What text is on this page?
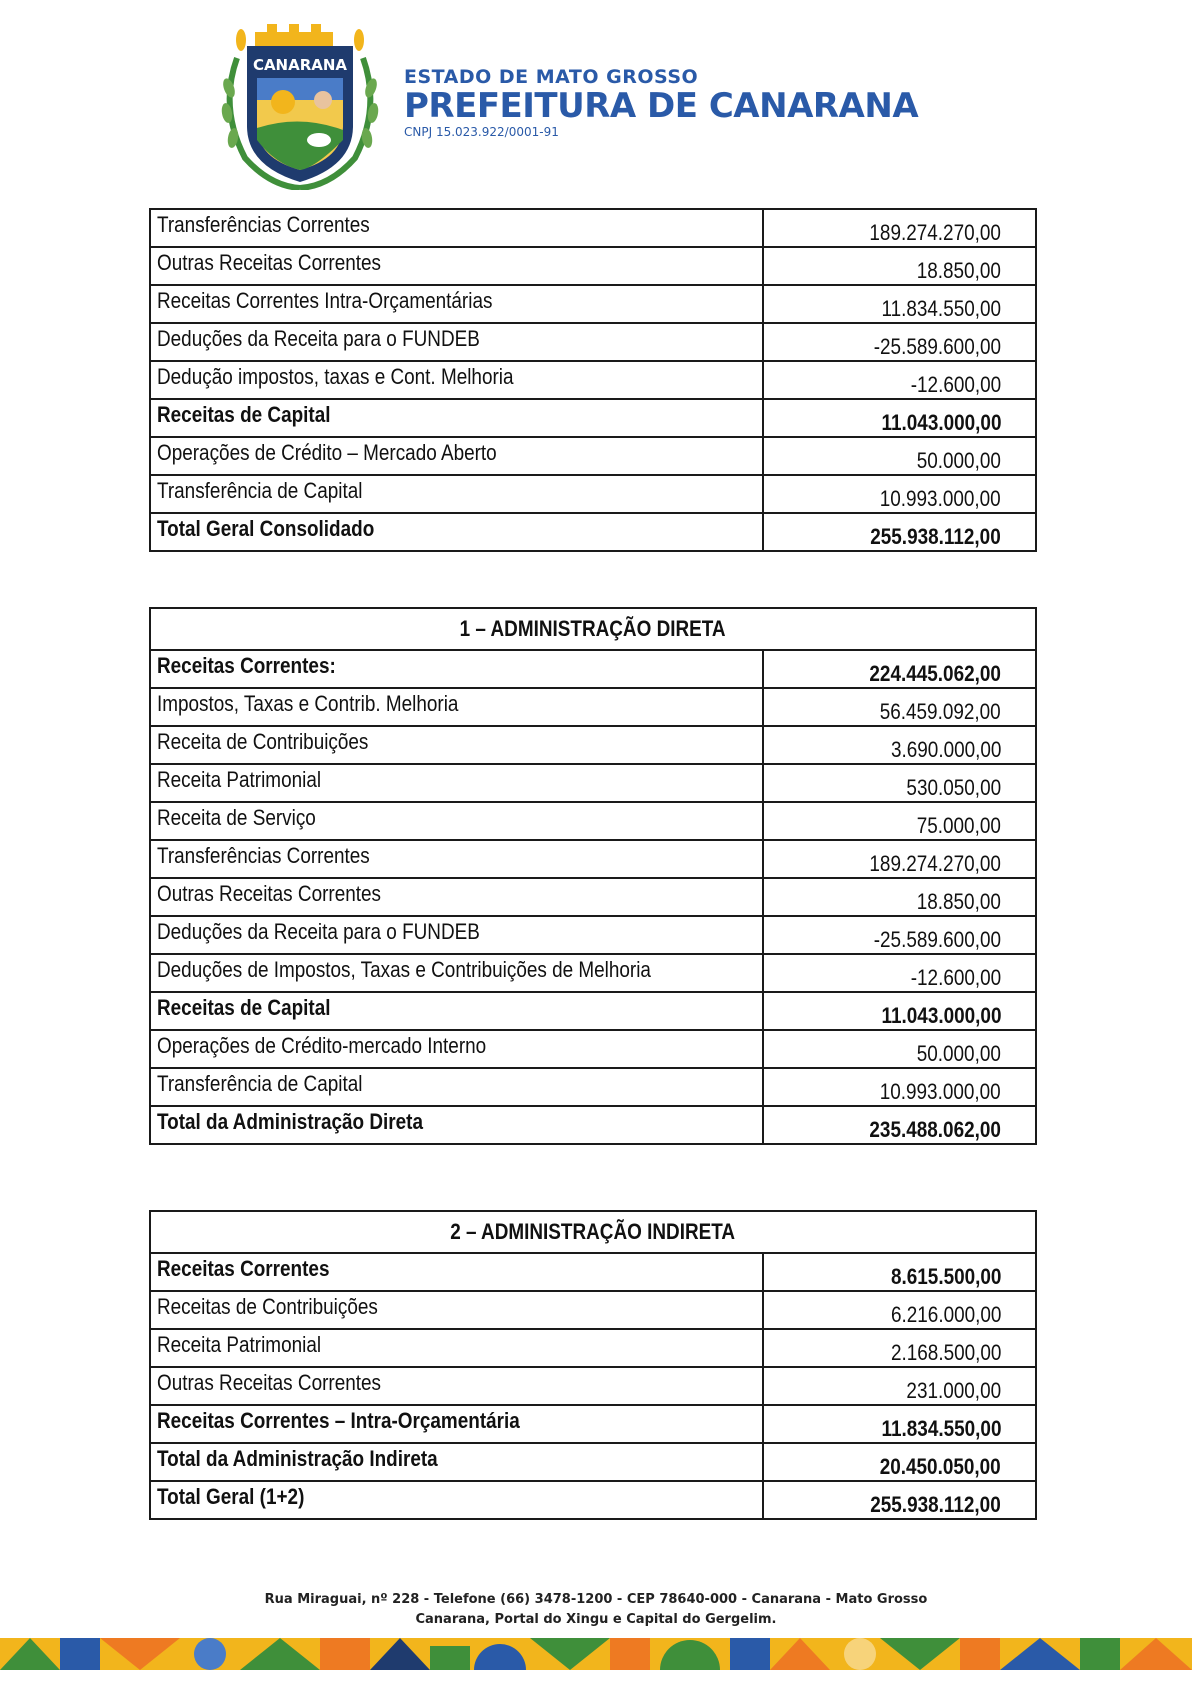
CANARANA
ESTADO DE MATO GROSSO
PREFEITURA DE CANARANA
CNPJ 15.023.922/0001-91
Transferências Correntes	189.274.270,00
Outras Receitas Correntes	18.850,00
Receitas Correntes Intra-Orçamentárias	11.834.550,00
Deduções da Receita para o FUNDEB	-25.589.600,00
Dedução impostos, taxas e Cont. Melhoria	-12.600,00
Receitas de Capital	11.043.000,00
Operações de Crédito – Mercado Aberto	50.000,00
Transferência de Capital	10.993.000,00
Total Geral Consolidado	255.938.112,00
1 – ADMINISTRAÇÃO DIRETA	
Receitas Correntes:	224.445.062,00
Impostos, Taxas e Contrib. Melhoria	56.459.092,00
Receita de Contribuições	3.690.000,00
Receita Patrimonial	530.050,00
Receita de Serviço	75.000,00
Transferências Correntes	189.274.270,00
Outras Receitas Correntes	18.850,00
Deduções da Receita para o FUNDEB	-25.589.600,00
Deduções de Impostos, Taxas e Contribuições de Melhoria	-12.600,00
Receitas de Capital	11.043.000,00
Operações de Crédito-mercado Interno	50.000,00
Transferência de Capital	10.993.000,00
Total da Administração Direta	235.488.062,00
2 – ADMINISTRAÇÃO INDIRETA	
Receitas Correntes	8.615.500,00
Receitas de Contribuições	6.216.000,00
Receita Patrimonial	2.168.500,00
Outras Receitas Correntes	231.000,00
Receitas Correntes – Intra-Orçamentária	11.834.550,00
Total da Administração Indireta	20.450.050,00
Total Geral (1+2)	255.938.112,00
Rua Miraguai, nº 228 - Telefone (66) 3478-1200 - CEP 78640-000 - Canarana - Mato Grosso
Canarana, Portal do Xingu e Capital do Gergelim.
